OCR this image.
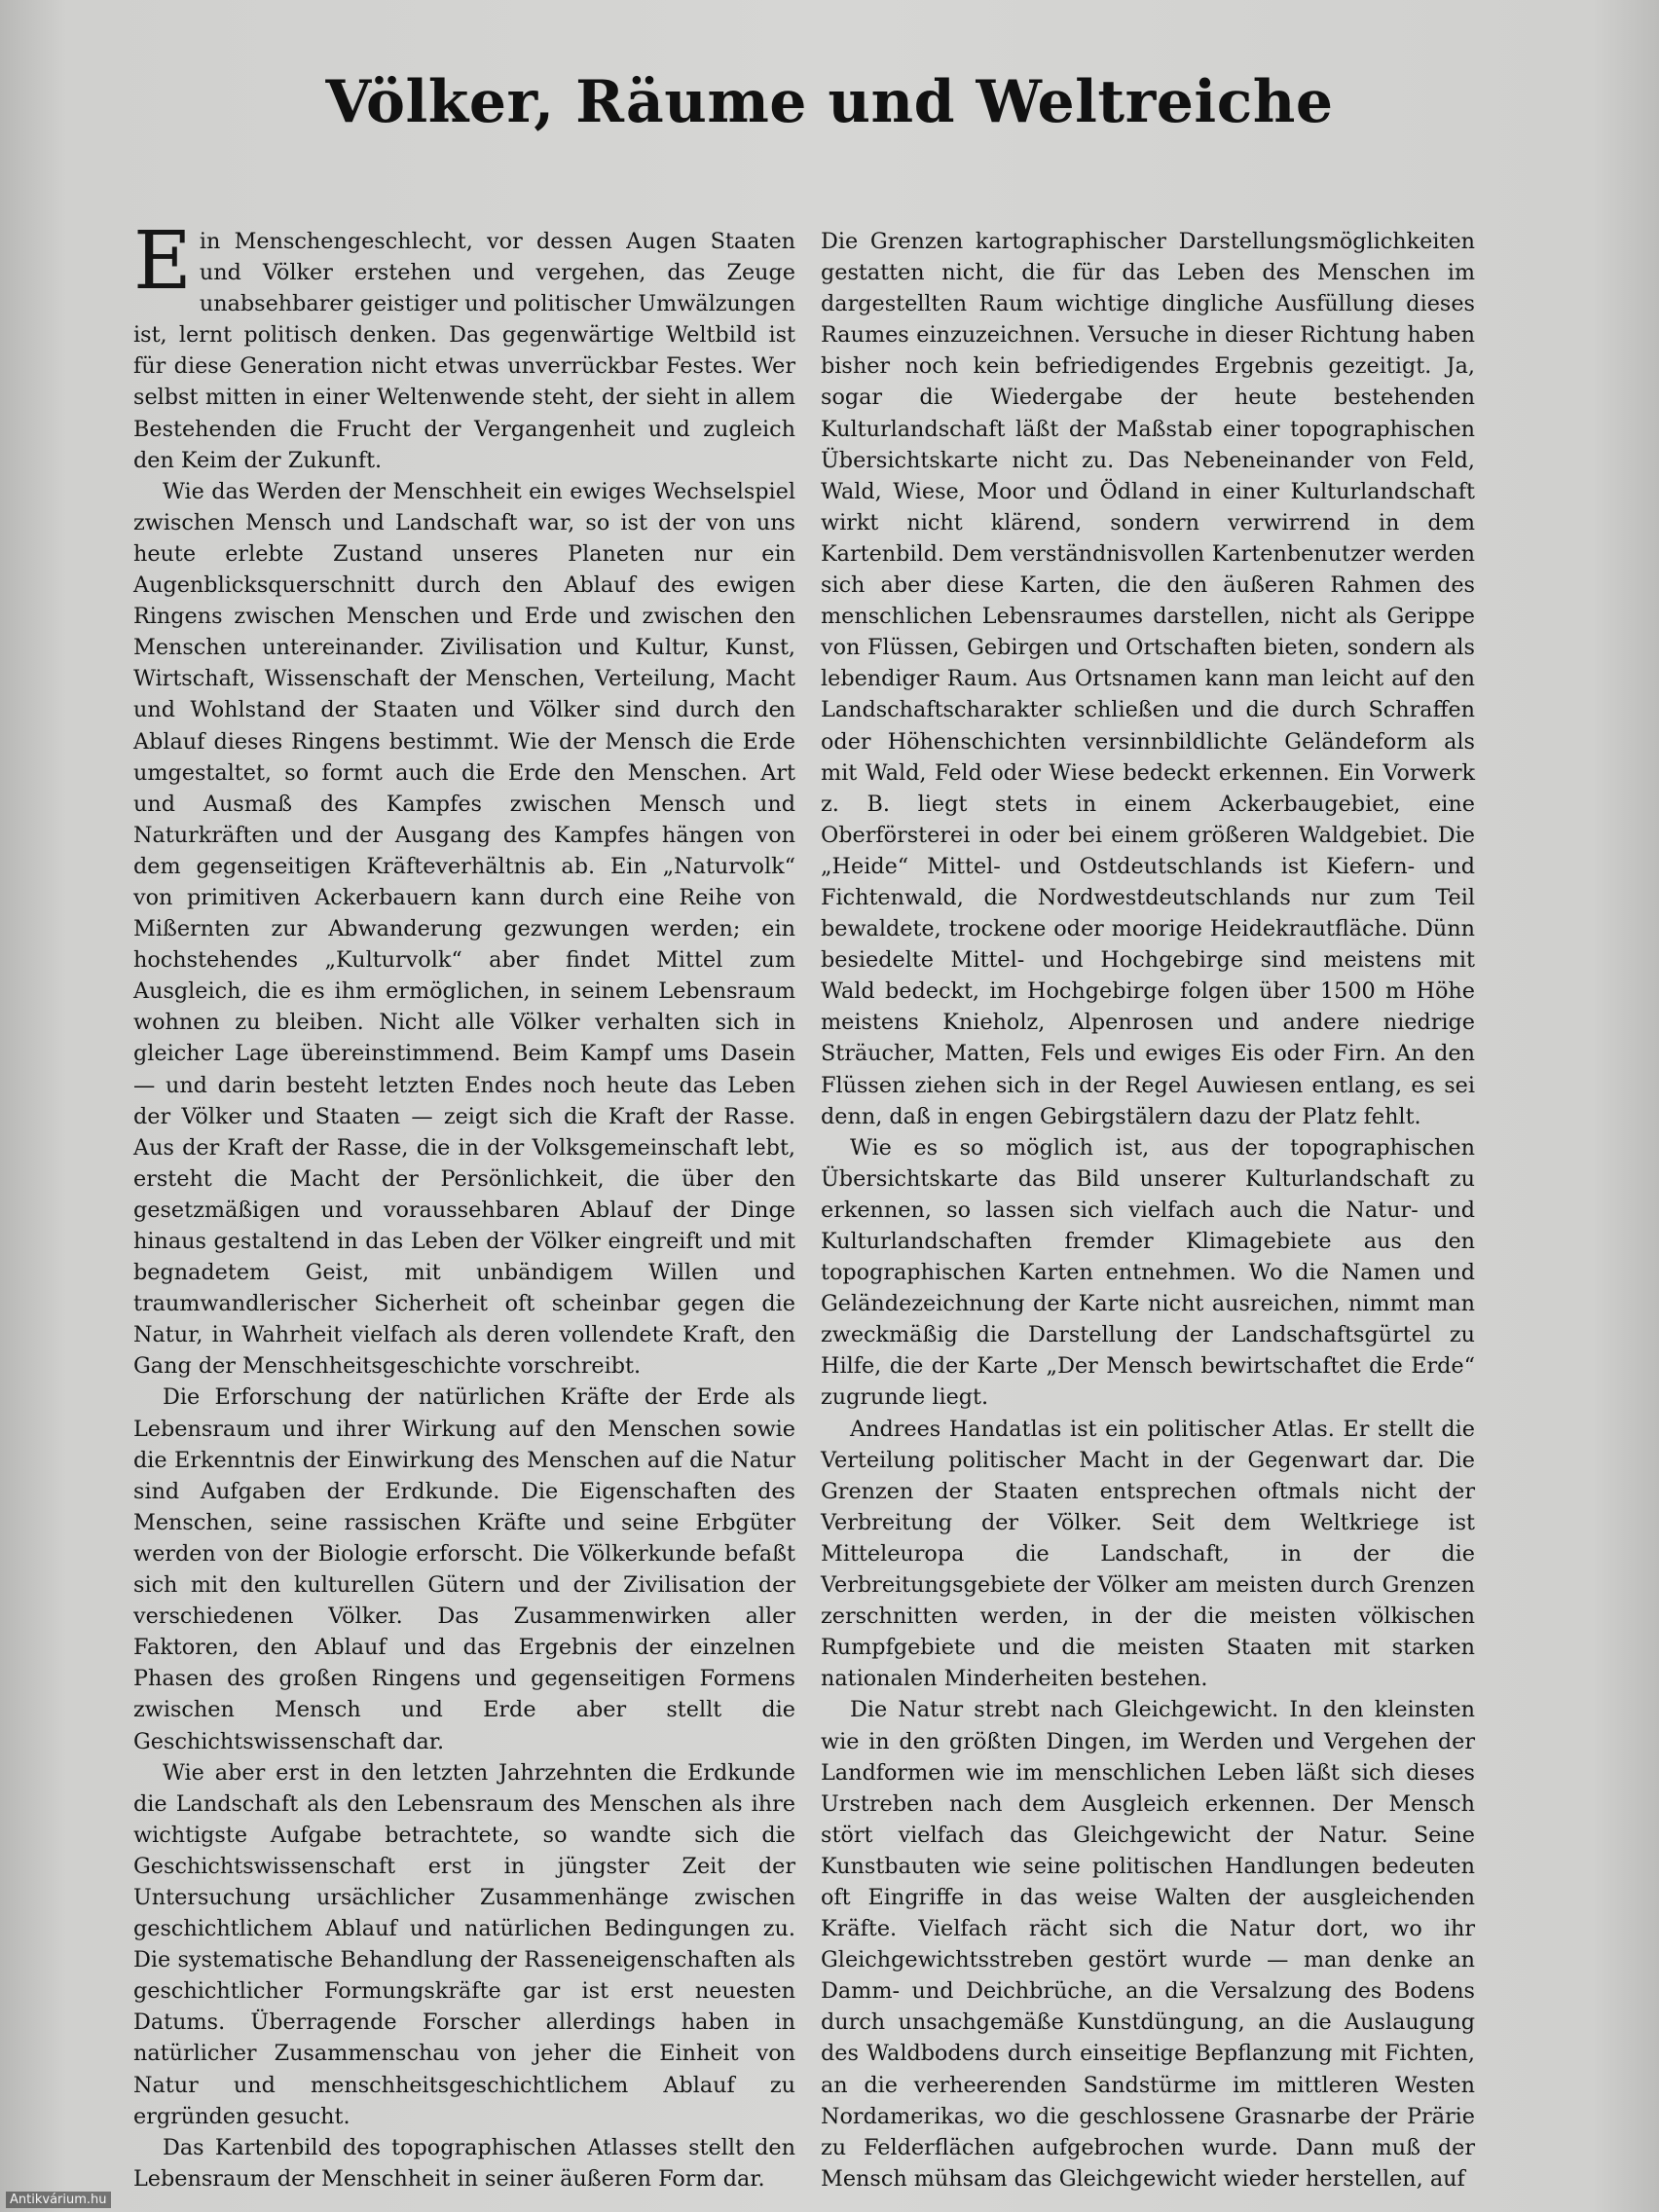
Völker, Räume und Weltreiche

Ein Menschengeschlecht, vor dessen Augen Staaten und Völker erstehen und vergehen, das Zeuge unabsehbarer geistiger und politischer Umwälzungen ist, lernt politisch denken. Das gegenwärtige Weltbild ist für diese Generation nicht etwas unverrückbar Festes. Wer selbst mitten in einer Weltenwende steht, der sieht in allem Bestehenden die Frucht der Vergangenheit und zugleich den Keim der Zukunft.

Wie das Werden der Menschheit ein ewiges Wechselspiel zwischen Mensch und Landschaft war, so ist der von uns heute erlebte Zustand unseres Planeten nur ein Augenblicksquerschnitt durch den Ablauf des ewigen Ringens zwischen Menschen und Erde und zwischen den Menschen untereinander. Zivilisation und Kultur, Kunst, Wirtschaft, Wissenschaft der Menschen, Verteilung, Macht und Wohlstand der Staaten und Völker sind durch den Ablauf dieses Ringens bestimmt. Wie der Mensch die Erde umgestaltet, so formt auch die Erde den Menschen. Art und Ausmaß des Kampfes zwischen Mensch und Naturkräften und der Ausgang des Kampfes hängen von dem gegenseitigen Kräfteverhältnis ab. Ein „Naturvolk“ von primitiven Ackerbauern kann durch eine Reihe von Mißernten zur Abwanderung gezwungen werden; ein hochstehendes „Kulturvolk“ aber findet Mittel zum Ausgleich, die es ihm ermöglichen, in seinem Lebensraum wohnen zu bleiben. Nicht alle Völker verhalten sich in gleicher Lage übereinstimmend. Beim Kampf ums Dasein — und darin besteht letzten Endes noch heute das Leben der Völker und Staaten — zeigt sich die Kraft der Rasse. Aus der Kraft der Rasse, die in der Volksgemeinschaft lebt, ersteht die Macht der Persönlichkeit, die über den gesetzmäßigen und voraussehbaren Ablauf der Dinge hinaus gestaltend in das Leben der Völker eingreift und mit begnadetem Geist, mit unbändigem Willen und traumwandlerischer Sicherheit oft scheinbar gegen die Natur, in Wahrheit vielfach als deren vollendete Kraft, den Gang der Menschheitsgeschichte vorschreibt.

Die Erforschung der natürlichen Kräfte der Erde als Lebensraum und ihrer Wirkung auf den Menschen sowie die Erkenntnis der Einwirkung des Menschen auf die Natur sind Aufgaben der Erdkunde. Die Eigenschaften des Menschen, seine rassischen Kräfte und seine Erbgüter werden von der Biologie erforscht. Die Völkerkunde befaßt sich mit den kulturellen Gütern und der Zivilisation der verschiedenen Völker. Das Zusammenwirken aller Faktoren, den Ablauf und das Ergebnis der einzelnen Phasen des großen Ringens und gegenseitigen Formens zwischen Mensch und Erde aber stellt die Geschichtswissenschaft dar.

Wie aber erst in den letzten Jahrzehnten die Erdkunde die Landschaft als den Lebensraum des Menschen als ihre wichtigste Aufgabe betrachtete, so wandte sich die Geschichtswissenschaft erst in jüngster Zeit der Untersuchung ursächlicher Zusammenhänge zwischen geschichtlichem Ablauf und natürlichen Bedingungen zu. Die systematische Behandlung der Rasseneigenschaften als geschichtlicher Formungskräfte gar ist erst neuesten Datums. Überragende Forscher allerdings haben in natürlicher Zusammenschau von jeher die Einheit von Natur und menschheitsgeschichtlichem Ablauf zu ergründen gesucht.

Das Kartenbild des topographischen Atlasses stellt den Lebensraum der Menschheit in seiner äußeren Form dar.

Die Grenzen kartographischer Darstellungsmöglichkeiten gestatten nicht, die für das Leben des Menschen im dargestellten Raum wichtige dingliche Ausfüllung dieses Raumes einzuzeichnen. Versuche in dieser Richtung haben bisher noch kein befriedigendes Ergebnis gezeitigt. Ja, sogar die Wiedergabe der heute bestehenden Kulturlandschaft läßt der Maßstab einer topographischen Übersichtskarte nicht zu. Das Nebeneinander von Feld, Wald, Wiese, Moor und Ödland in einer Kulturlandschaft wirkt nicht klärend, sondern verwirrend in dem Kartenbild. Dem verständnisvollen Kartenbenutzer werden sich aber diese Karten, die den äußeren Rahmen des menschlichen Lebensraumes darstellen, nicht als Gerippe von Flüssen, Gebirgen und Ortschaften bieten, sondern als lebendiger Raum. Aus Ortsnamen kann man leicht auf den Landschaftscharakter schließen und die durch Schraffen oder Höhenschichten versinnbildlichte Geländeform als mit Wald, Feld oder Wiese bedeckt erkennen. Ein Vorwerk z. B. liegt stets in einem Ackerbaugebiet, eine Oberförsterei in oder bei einem größeren Waldgebiet. Die „Heide“ Mittel- und Ostdeutschlands ist Kiefern- und Fichtenwald, die Nordwestdeutschlands nur zum Teil bewaldete, trockene oder moorige Heidekrautfläche. Dünn besiedelte Mittel- und Hochgebirge sind meistens mit Wald bedeckt, im Hochgebirge folgen über 1500 m Höhe meistens Knieholz, Alpenrosen und andere niedrige Sträucher, Matten, Fels und ewiges Eis oder Firn. An den Flüssen ziehen sich in der Regel Auwiesen entlang, es sei denn, daß in engen Gebirgstälern dazu der Platz fehlt.

Wie es so möglich ist, aus der topographischen Übersichtskarte das Bild unserer Kulturlandschaft zu erkennen, so lassen sich vielfach auch die Natur- und Kulturlandschaften fremder Klimagebiete aus den topographischen Karten entnehmen. Wo die Namen und Geländezeichnung der Karte nicht ausreichen, nimmt man zweckmäßig die Darstellung der Landschaftsgürtel zu Hilfe, die der Karte „Der Mensch bewirtschaftet die Erde“ zugrunde liegt.

Andrees Handatlas ist ein politischer Atlas. Er stellt die Verteilung politischer Macht in der Gegenwart dar. Die Grenzen der Staaten entsprechen oftmals nicht der Verbreitung der Völker. Seit dem Weltkriege ist Mitteleuropa die Landschaft, in der die Verbreitungsgebiete der Völker am meisten durch Grenzen zerschnitten werden, in der die meisten völkischen Rumpfgebiete und die meisten Staaten mit starken nationalen Minderheiten bestehen.

Die Natur strebt nach Gleichgewicht. In den kleinsten wie in den größten Dingen, im Werden und Vergehen der Landformen wie im menschlichen Leben läßt sich dieses Urstreben nach dem Ausgleich erkennen. Der Mensch stört vielfach das Gleichgewicht der Natur. Seine Kunstbauten wie seine politischen Handlungen bedeuten oft Eingriffe in das weise Walten der ausgleichenden Kräfte. Vielfach rächt sich die Natur dort, wo ihr Gleichgewichtsstreben gestört wurde — man denke an Damm- und Deichbrüche, an die Versalzung des Bodens durch unsachgemäße Kunstdüngung, an die Auslaugung des Waldbodens durch einseitige Bepflanzung mit Fichten, an die verheerenden Sandstürme im mittleren Westen Nordamerikas, wo die geschlossene Grasnarbe der Prärie zu Felderflächen aufgebrochen wurde. Dann muß der Mensch mühsam das Gleichgewicht wieder herstellen, auf

Antikvárium.hu
